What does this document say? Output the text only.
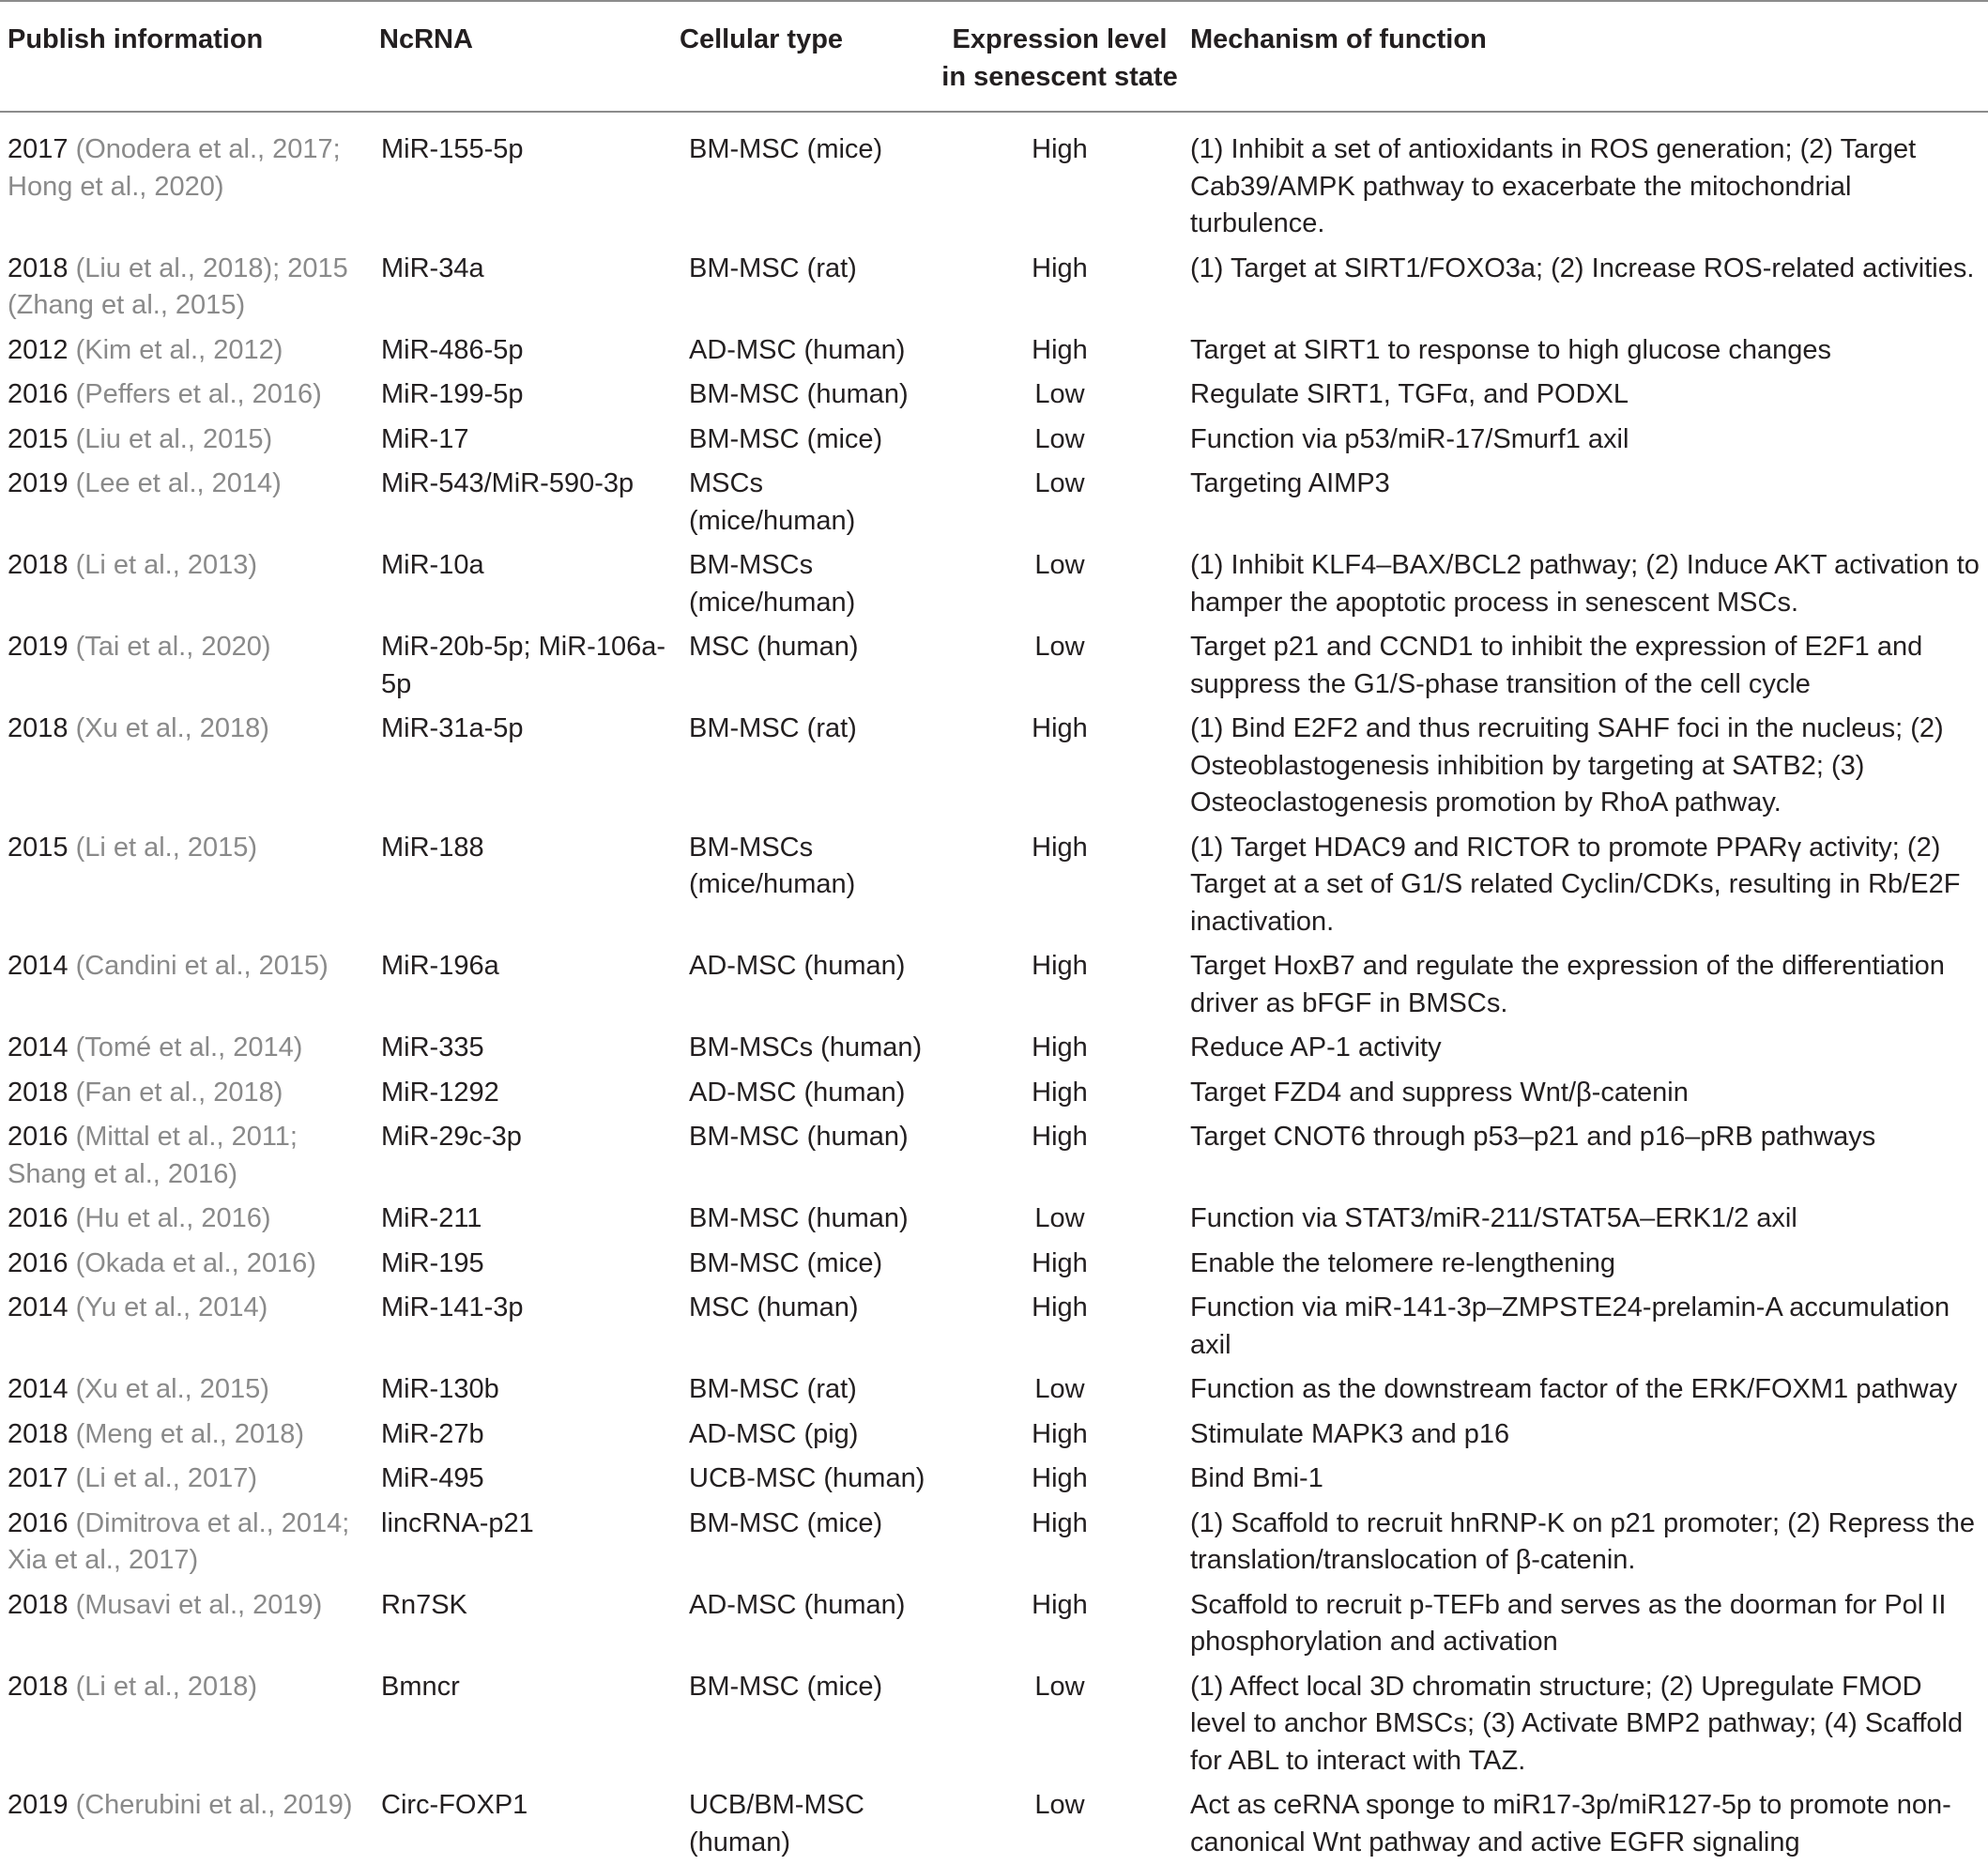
Publish information	NcRNA	Cellular type	Expression level in senescent state	Mechanism of function
2017 (Onodera et al., 2017; Hong et al., 2020)	MiR-155-5p	BM-MSC (mice)	High	(1) Inhibit a set of antioxidants in ROS generation; (2) Target Cab39/AMPK pathway to exacerbate the mitochondrial turbulence.
2018 (Liu et al., 2018); 2015 (Zhang et al., 2015)	MiR-34a	BM-MSC (rat)	High	(1) Target at SIRT1/FOXO3a; (2) Increase ROS-related activities.
2012 (Kim et al., 2012)	MiR-486-5p	AD-MSC (human)	High	Target at SIRT1 to response to high glucose changes
2016 (Peffers et al., 2016)	MiR-199-5p	BM-MSC (human)	Low	Regulate SIRT1, TGFα, and PODXL
2015 (Liu et al., 2015)	MiR-17	BM-MSC (mice)	Low	Function via p53/miR-17/Smurf1 axil
2019 (Lee et al., 2014)	MiR-543/MiR-590-3p	MSCs (mice/human)	Low	Targeting AIMP3
2018 (Li et al., 2013)	MiR-10a	BM-MSCs (mice/human)	Low	(1) Inhibit KLF4–BAX/BCL2 pathway; (2) Induce AKT activation to hamper the apoptotic process in senescent MSCs.
2019 (Tai et al., 2020)	MiR-20b-5p; MiR-106a-5p	MSC (human)	Low	Target p21 and CCND1 to inhibit the expression of E2F1 and suppress the G1/S-phase transition of the cell cycle
2018 (Xu et al., 2018)	MiR-31a-5p	BM-MSC (rat)	High	(1) Bind E2F2 and thus recruiting SAHF foci in the nucleus; (2) Osteoblastogenesis inhibition by targeting at SATB2; (3) Osteoclastogenesis promotion by RhoA pathway.
2015 (Li et al., 2015)	MiR-188	BM-MSCs (mice/human)	High	(1) Target HDAC9 and RICTOR to promote PPARγ activity; (2) Target at a set of G1/S related Cyclin/CDKs, resulting in Rb/E2F inactivation.
2014 (Candini et al., 2015)	MiR-196a	AD-MSC (human)	High	Target HoxB7 and regulate the expression of the differentiation driver as bFGF in BMSCs.
2014 (Tomé et al., 2014)	MiR-335	BM-MSCs (human)	High	Reduce AP-1 activity
2018 (Fan et al., 2018)	MiR-1292	AD-MSC (human)	High	Target FZD4 and suppress Wnt/β-catenin
2016 (Mittal et al., 2011; Shang et al., 2016)	MiR-29c-3p	BM-MSC (human)	High	Target CNOT6 through p53–p21 and p16–pRB pathways
2016 (Hu et al., 2016)	MiR-211	BM-MSC (human)	Low	Function via STAT3/miR-211/STAT5A–ERK1/2 axil
2016 (Okada et al., 2016)	MiR-195	BM-MSC (mice)	High	Enable the telomere re-lengthening
2014 (Yu et al., 2014)	MiR-141-3p	MSC (human)	High	Function via miR-141-3p–ZMPSTE24-prelamin-A accumulation axil
2014 (Xu et al., 2015)	MiR-130b	BM-MSC (rat)	Low	Function as the downstream factor of the ERK/FOXM1 pathway
2018 (Meng et al., 2018)	MiR-27b	AD-MSC (pig)	High	Stimulate MAPK3 and p16
2017 (Li et al., 2017)	MiR-495	UCB-MSC (human)	High	Bind Bmi-1
2016 (Dimitrova et al., 2014; Xia et al., 2017)	lincRNA-p21	BM-MSC (mice)	High	(1) Scaffold to recruit hnRNP-K on p21 promoter; (2) Repress the translation/translocation of β-catenin.
2018 (Musavi et al., 2019)	Rn7SK	AD-MSC (human)	High	Scaffold to recruit p-TEFb and serves as the doorman for Pol II phosphorylation and activation
2018 (Li et al., 2018)	Bmncr	BM-MSC (mice)	Low	(1) Affect local 3D chromatin structure; (2) Upregulate FMOD level to anchor BMSCs; (3) Activate BMP2 pathway; (4) Scaffold for ABL to interact with TAZ.
2019 (Cherubini et al., 2019)	Circ-FOXP1	UCB/BM-MSC (human)	Low	Act as ceRNA sponge to miR17-3p/miR127-5p to promote non-canonical Wnt pathway and active EGFR signaling
